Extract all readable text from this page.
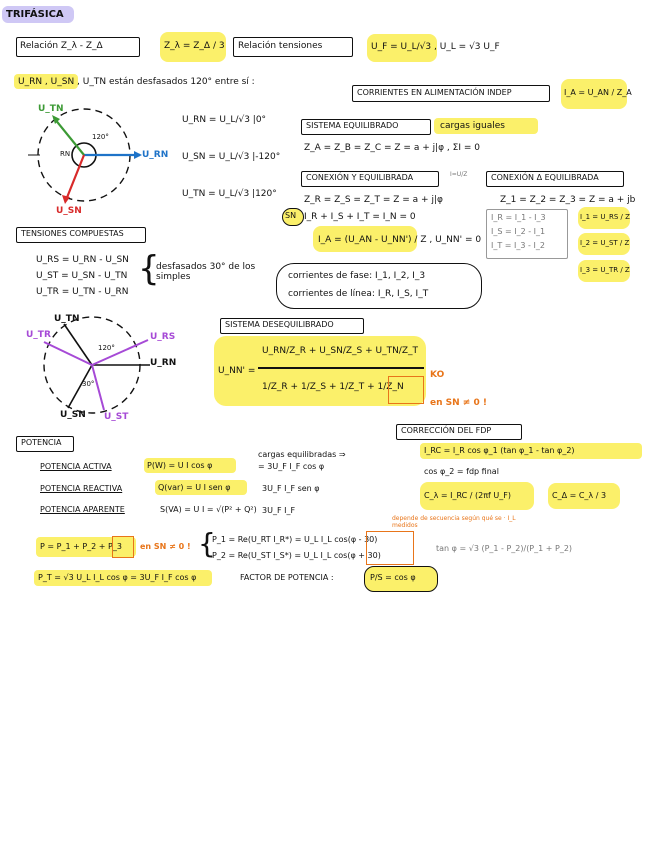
TRIFÁSICA
Relación Z_λ - Z_Δ	Z_λ = Z_Δ / 3 Relación tensiones	U_F = U_L/√3 , U_L = √3 U_F
U_RN , U_SN , U_TN están desfasados 120° entre sí :
U_TN
U_RN
U_SN
120°
RN
U_RN = U_L/√3 |0°
U_SN = U_L/√3 |-120°
U_TN = U_L/√3 |120°
CORRIENTES EN ALIMENTACIÓN INDEP	I_A = U_AN / Z_A
SISTEMA EQUILIBRADO	cargas iguales
Z_A = Z_B = Z_C = Z = a + j|φ , ΣI = 0
CONEXIÓN Y EQUILIBRADA	I=U/Z
Z_R = Z_S = Z_T = Z = a + j|φ
SN I_R + I_S + I_T = I_N = 0
I_A = (U_AN - U_NN') / Z , U_NN' = 0
CONEXIÓN Δ EQUILIBRADA
Z_1 = Z_2 = Z_3 = Z = a + jb
I_R = I_1 - I_3
I_S = I_2 - I_1
I_T = I_3 - I_2
I_1 = U_RS / Z
I_2 = U_ST / Z
I_3 = U_TR / Z
TENSIONES COMPUESTAS
U_RS = U_RN - U_SN
U_ST = U_SN - U_TN
U_TR = U_TN - U_RN
{
desfasados 30° de los simples	corrientes de fase: I_1, I_2, I_3
corrientes de línea: I_R, I_S, I_T
U_TR
U_TN
U_RS
U_RN
U_SN U_ST
120°
30°
SISTEMA DESEQUILIBRADO
U_NN' =
U_RN/Z_R + U_SN/Z_S + U_TN/Z_T
1/Z_R + 1/Z_S + 1/Z_T + 1/Z_N
KO
en SN ≠ 0 !
POTENCIA
POTENCIA ACTIVA	P(W) = U I cos φ
POTENCIA REACTIVA	Q(var) = U I sen φ
POTENCIA APARENTE	S(VA) = U I = √(P² + Q²)
cargas equilibradas ⇒
= 3U_F I_F cos φ
3U_F I_F sen φ
3U_F I_F
CORRECCIÓN DEL FDP
I_RC = I_R cos φ_1 (tan φ_1 - tan φ_2)
cos φ_2 = fdp final
C_λ = I_RC / (2πf U_F)	C_Δ = C_λ / 3
P = P_1 + P_2 + P_3 en SN ≠ 0 ! {
P_1 = Re(U_RT I_R*) = U_L I_L cos(φ - 30)
P_2 = Re(U_ST I_S*) = U_L I_L cos(φ + 30)
depende de secuencia según qué se · I_L medidos
tan φ = √3 (P_1 - P_2)/(P_1 + P_2)
P_T = √3 U_L I_L cos φ = 3U_F I_F cos φ	FACTOR DE POTENCIA :	P/S = cos φ
